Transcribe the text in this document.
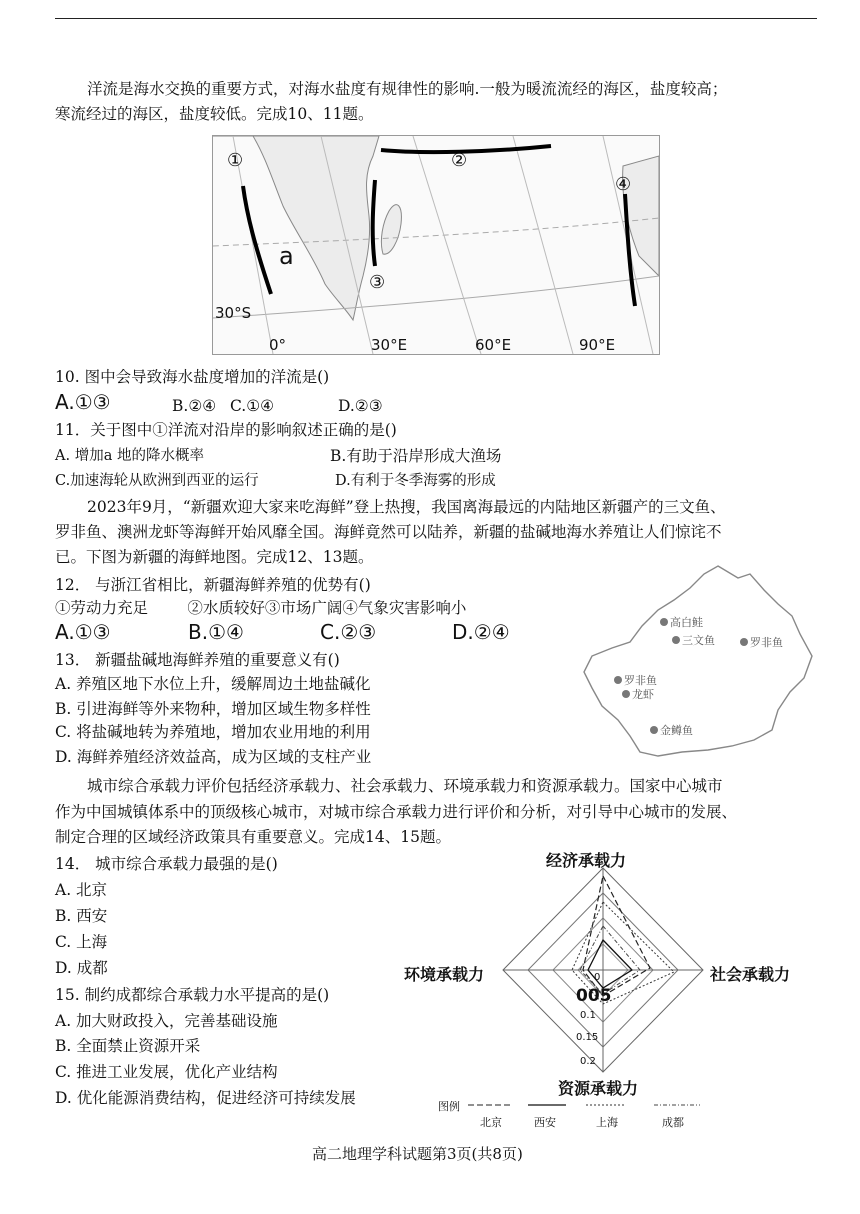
洋流是海水交换的重要方式，对海水盐度有规律性的影响.一般为暖流流经的海区，盐度较高；
寒流经过的海区，盐度较低。完成10、11题。
①	②
③
④
a
30°S
0°	30°E	60°E	90°E
10. 图中会导致海水盐度增加的洋流是()
A.①③	B.②④ C.①④	D.②③
11．关于图中①洋流对沿岸的影响叙述正确的是()
A. 增加a 地的降水概率	B.有助于沿岸形成大渔场
C.加速海轮从欧洲到西亚的运行	D.有利于冬季海雾的形成
2023年9月，“新疆欢迎大家来吃海鲜”登上热搜，我国离海最远的内陆地区新疆产的三文鱼、
罗非鱼、澳洲龙虾等海鲜开始风靡全国。海鲜竟然可以陆养，新疆的盐碱地海水养殖让人们惊诧不
已。下图为新疆的海鲜地图。完成12、13题。
12． 与浙江省相比，新疆海鲜养殖的优势有()
①劳动力充足        ②水质较好③市场广阔④气象灾害影响小
A.①③	B.①④	C.②③	D.②④	高白鲑
三文鱼	罗非鱼
罗非鱼
龙虾
金鳟鱼
13． 新疆盐碱地海鲜养殖的重要意义有()
A. 养殖区地下水位上升，缓解周边土地盐碱化
B. 引进海鲜等外来物种，增加区域生物多样性
C. 将盐碱地转为养殖地，增加农业用地的利用
D. 海鲜养殖经济效益高，成为区域的支柱产业
城市综合承载力评价包括经济承载力、社会承载力、环境承载力和资源承载力。国家中心城市
作为中国城镇体系中的顶级核心城市，对城市综合承载力进行评价和分析，对引导中心城市的发展、
制定合理的区域经济政策具有重要意义。完成14、15题。
14． 城市综合承载力最强的是()
A. 北京
B. 西安
C. 上海
D. 成都
15. 制约成都综合承载力水平提高的是()
A. 加大财政投入，完善基础设施
B. 全面禁止资源开采
C. 推进工业发展，优化产业结构
D. 优化能源消费结构，促进经济可持续发展
经济承载力
社会承载力
环境承载力
资源承载力
0
005
0.1
0.15
0.2
图例
北京	西安	上海	成都
高二地理学科试题第3页(共8页)
